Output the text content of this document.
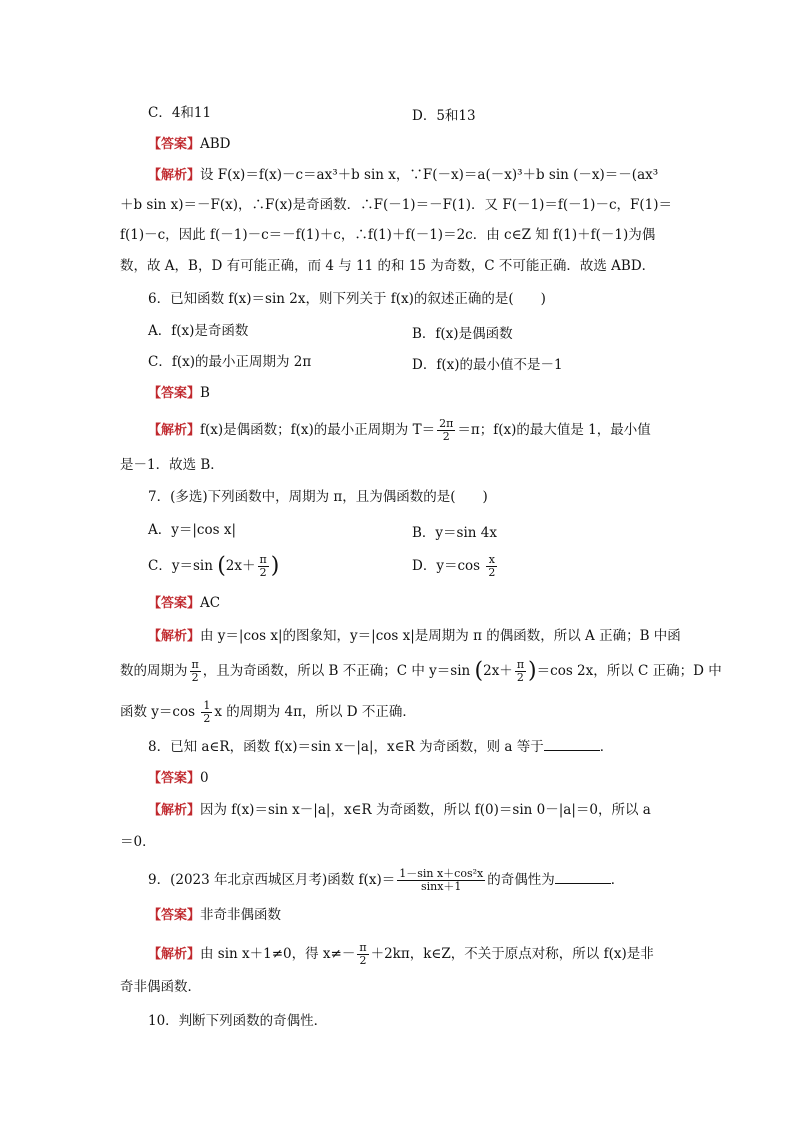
C．4和11	D．5和13
【答案】ABD
【解析】设 F(x)＝f(x)－c＝ax³＋b sin x，∵F(－x)＝a(－x)³＋b sin (－x)＝－(ax³
＋b sin x)＝－F(x)，∴F(x)是奇函数．∴F(－1)＝－F(1)．又 F(－1)＝f(－1)－c，F(1)＝
f(1)－c，因此 f(－1)－c＝－f(1)＋c，∴f(1)＋f(－1)＝2c．由 c∈Z 知 f(1)＋f(－1)为偶
数，故 A，B，D 有可能正确，而 4 与 11 的和 15 为奇数，C 不可能正确．故选 ABD．
6．已知函数 f(x)＝sin 2x，则下列关于 f(x)的叙述正确的是(　　)
A．f(x)是奇函数	B．f(x)是偶函数
C．f(x)的最小正周期为 2π	D．f(x)的最小值不是－1
【答案】B
【解析】f(x)是偶函数；f(x)的最小正周期为 $T= \frac{2\pi}{2} =\pi$；f(x)的最大值是 1，最小值
是－1．故选 B．
7．(多选)下列函数中，周期为 π，且为偶函数的是(　　)
A．y＝|cos x|	B．y＝sin 4x
C．y＝sin ($2x+ \frac{\pi}{2}$ )	D．$y=\cos \frac{x}{2}$
【答案】AC
【解析】由 y＝|cos x|的图象知，y＝|cos x|是周期为 π 的偶函数，所以 A 正确；B 中函
数的周期为 $\frac{\pi}{2}$ ，且为奇函数，所以 B 不正确；C 中 y＝sin $(2x+ \frac{\pi}{2} )=\cos$ 2x，所以 C 正确；D 中
函数 $y=\cos \frac{1}{2}$ x 的周期为 4π，所以 D 不正确．
8．已知 a∈R，函数 f(x)＝sin x－|a|，x∈R 为奇函数，则 a 等于	．
【答案】0
【解析】因为 f(x)＝sin x－|a|，x∈R 为奇函数，所以 f(0)＝sin 0－|a|＝0，所以 a
＝0．
9．(2023 年北京西城区月考)函数 $f(x)= \frac{\text{1－sin x＋cos²x}}{\sin x+1}$ 的奇偶性为	．
【答案】非奇非偶函数
【解析】由 sin x＋1≠0，得 $x\ne- \frac{\pi}{2} +2k\pi$，k∈Z，不关于原点对称，所以 f(x)是非
奇非偶函数．
10．判断下列函数的奇偶性．
